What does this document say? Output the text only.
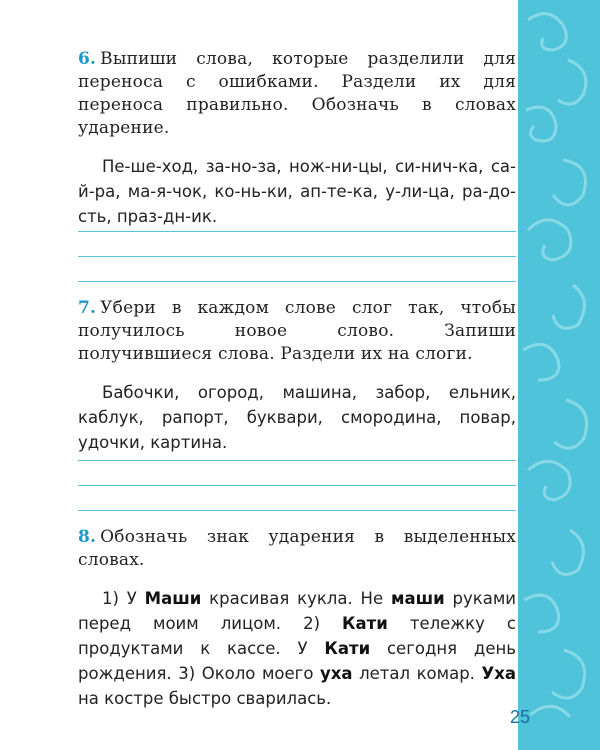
6. Выпиши слова, которые разделили для переноса с ошибками. Раздели их для переноса правильно. Обозначь в словах ударение.

Пе-ше-ход, за-но-за, нож-ни-цы, си-нич-ка, са-й-ра, ма-я-чок, ко-нь-ки, ап-те-ка, у-ли-ца, ра-до-сть, праз-дн-ик.

7. Убери в каждом слове слог так, чтобы получилось новое слово. Запиши получившиеся слова. Раздели их на слоги.

Бабочки, огород, машина, забор, ельник, каблук, рапорт, буквари, смородина, повар, удочки, картина.

8. Обозначь знак ударения в выделенных словах.

1) У Маши красивая кукла. Не маши руками перед моим лицом. 2) Кати тележку с продуктами к кассе. У Кати сегодня день рождения. 3) Около моего уха летал комар. Уха на костре быстро сварилась.

25
